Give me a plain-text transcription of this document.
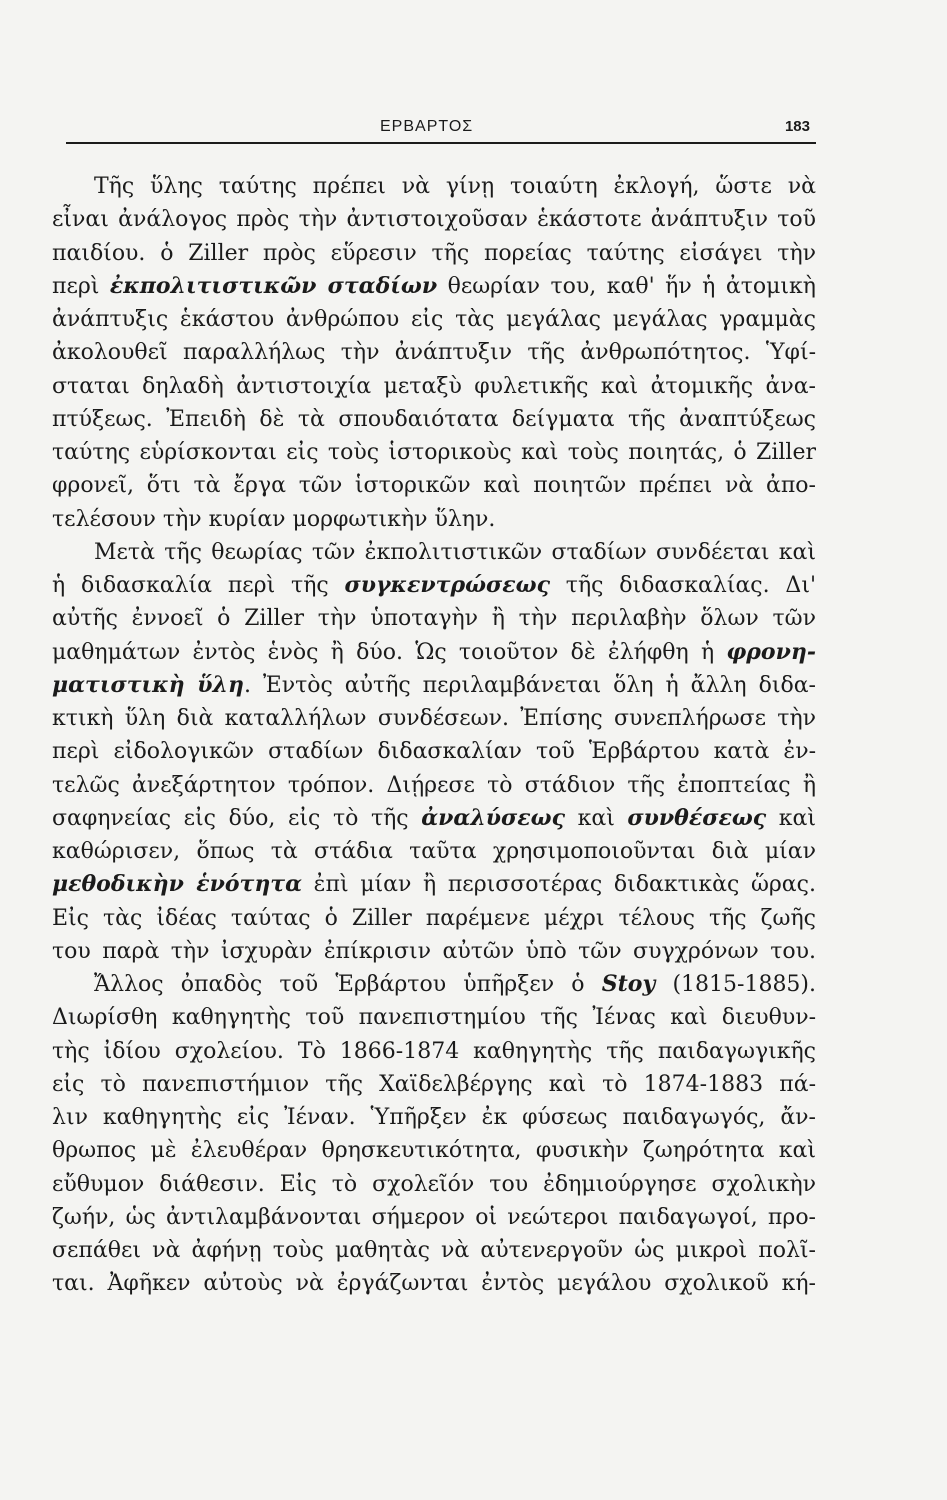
ΕΡΒΑΡΤΟΣ	183
Τῆς ὕλης ταύτης πρέπει νὰ γίνῃ τοιαύτη ἐκλογή, ὥστε νὰ
εἶναι ἀνάλογος πρὸς τὴν ἀντιστοιχοῦσαν ἑκάστοτε ἀνάπτυξιν τοῦ
παιδίου. ὁ Ziller πρὸς εὕρεσιν τῆς πορείας ταύτης εἰσάγει τὴν
περὶ ἐκπολιτιστικῶν σταδίων θεωρίαν του, καθ' ἥν ἡ ἀτομικὴ
ἀνάπτυξις ἑκάστου ἀνθρώπου εἰς τὰς μεγάλας μεγάλας γραμμὰς
ἀκολουθεῖ παραλλήλως τὴν ἀνάπτυξιν τῆς ἀνθρωπότητος. Ὑφί-
σταται δηλαδὴ ἀντιστοιχία μεταξὺ φυλετικῆς καὶ ἀτομικῆς ἀνα-
πτύξεως. Ἐπειδὴ δὲ τὰ σπουδαιότατα δείγματα τῆς ἀναπτύξεως
ταύτης εὑρίσκονται εἰς τοὺς ἱστορικοὺς καὶ τοὺς ποιητάς, ὁ Ziller
φρονεῖ, ὅτι τὰ ἔργα τῶν ἱστορικῶν καὶ ποιητῶν πρέπει νὰ ἀπο-
τελέσουν τὴν κυρίαν μορφωτικὴν ὕλην.
Μετὰ τῆς θεωρίας τῶν ἐκπολιτιστικῶν σταδίων συνδέεται καὶ
ἡ διδασκαλία περὶ τῆς συγκεντρώσεως τῆς διδασκαλίας. Δι'
αὐτῆς ἐννοεῖ ὁ Ziller τὴν ὑποταγὴν ἢ τὴν περιλαβὴν ὅλων τῶν
μαθημάτων ἐντὸς ἑνὸς ἢ δύο. Ὡς τοιοῦτον δὲ ἐλήφθη ἡ φρονη-
ματιστικὴ ὕλη. Ἐντὸς αὐτῆς περιλαμβάνεται ὅλη ἡ ἄλλη διδα-
κτικὴ ὕλη διὰ καταλλήλων συνδέσεων. Ἐπίσης συνεπλήρωσε τὴν
περὶ εἰδολογικῶν σταδίων διδασκαλίαν τοῦ Ἑρβάρτου κατὰ ἐν-
τελῶς ἀνεξάρτητον τρόπον. Διῄρεσε τὸ στάδιον τῆς ἐποπτείας ἢ
σαφηνείας εἰς δύο, εἰς τὸ τῆς ἀναλύσεως καὶ συνθέσεως καὶ
καθώρισεν, ὅπως τὰ στάδια ταῦτα χρησιμοποιοῦνται διὰ μίαν
μεθοδικὴν ἑνότητα ἐπὶ μίαν ἢ περισσοτέρας διδακτικὰς ὥρας.
Εἰς τὰς ἰδέας ταύτας ὁ Ziller παρέμενε μέχρι τέλους τῆς ζωῆς
του παρὰ τὴν ἰσχυρὰν ἐπίκρισιν αὐτῶν ὑπὸ τῶν συγχρόνων του.
Ἄλλος ὀπαδὸς τοῦ Ἑρβάρτου ὑπῆρξεν ὁ Stoy (1815-1885).
Διωρίσθη καθηγητὴς τοῦ πανεπιστημίου τῆς Ἰένας καὶ διευθυν-
τὴς ἰδίου σχολείου. Τὸ 1866-1874 καθηγητὴς τῆς παιδαγωγικῆς
εἰς τὸ πανεπιστήμιον τῆς Χαϊδελβέργης καὶ τὸ 1874-1883 πά-
λιν καθηγητὴς εἰς Ἰέναν. Ὑπῆρξεν ἐκ φύσεως παιδαγωγός, ἄν-
θρωπος μὲ ἐλευθέραν θρησκευτικότητα, φυσικὴν ζωηρότητα καὶ
εὔθυμον διάθεσιν. Εἰς τὸ σχολεῖόν του ἐδημιούργησε σχολικὴν
ζωήν, ὡς ἀντιλαμβάνονται σήμερον οἱ νεώτεροι παιδαγωγοί, προ-
σεπάθει νὰ ἀφήνῃ τοὺς μαθητὰς νὰ αὐτενεργοῦν ὡς μικροὶ πολῖ-
ται. Ἀφῆκεν αὐτοὺς νὰ ἐργάζωνται ἐντὸς μεγάλου σχολικοῦ κή-
